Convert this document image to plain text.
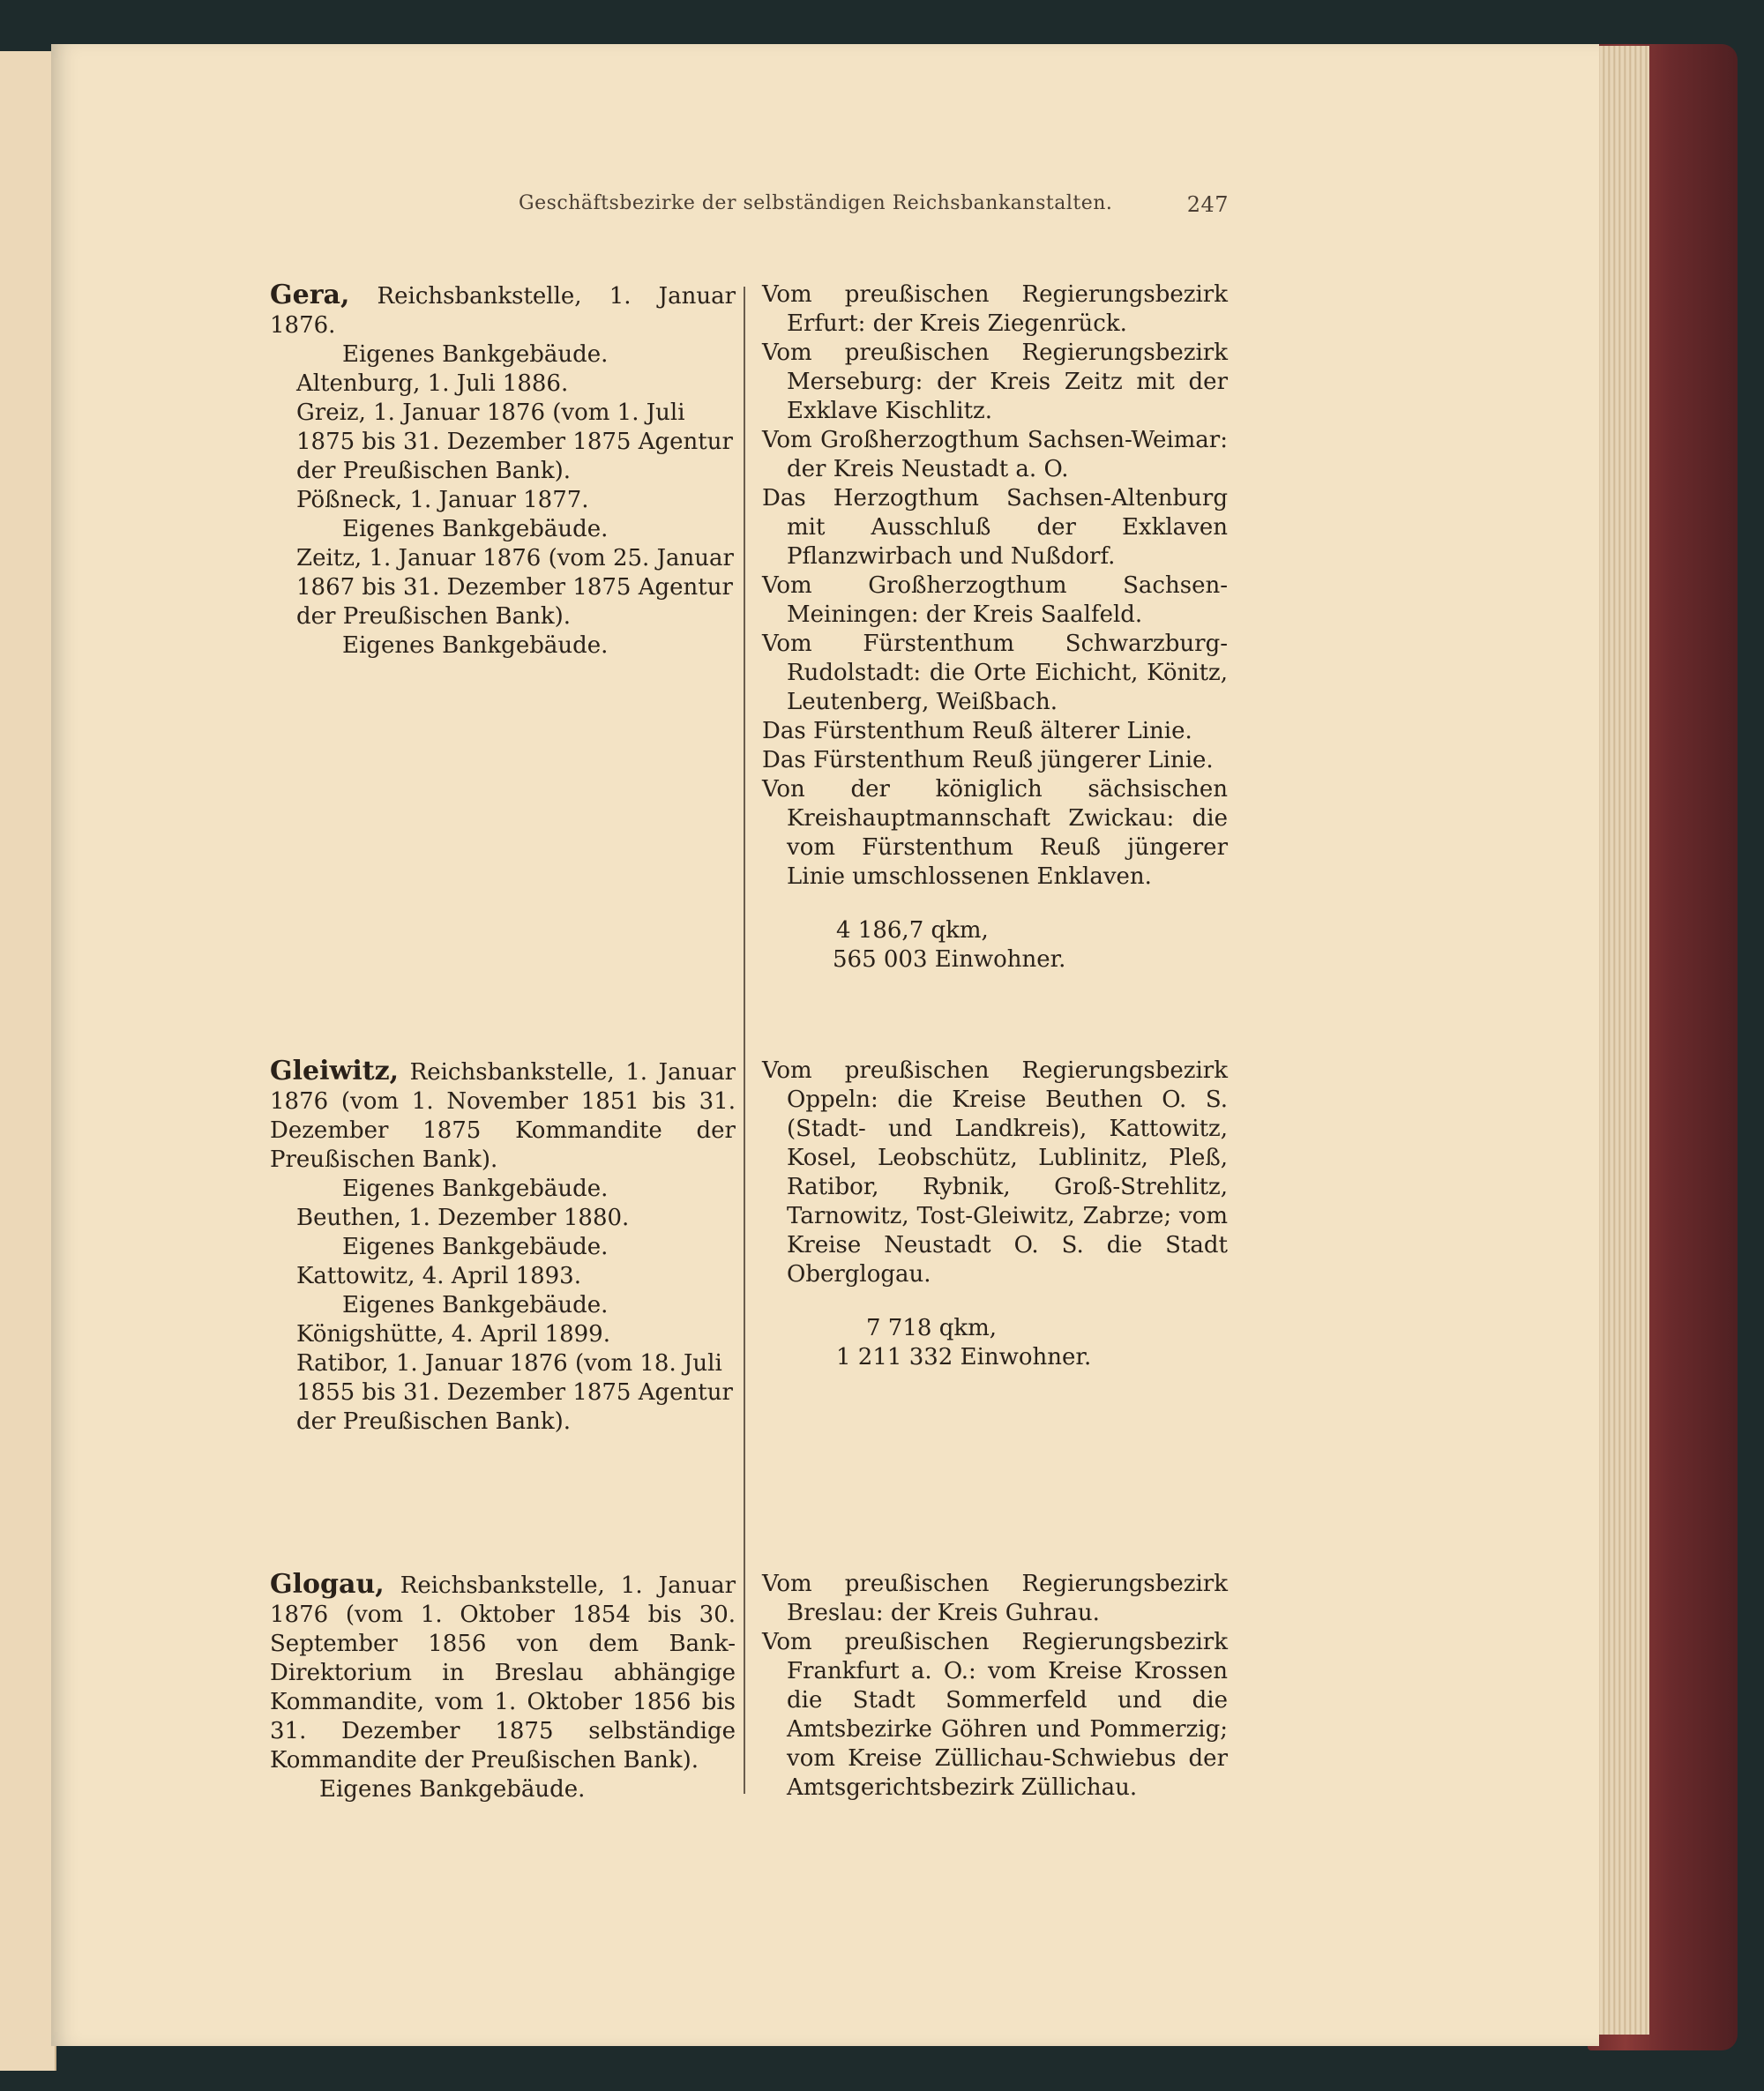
Geschäftsbezirke der selbständigen Reichsbankanstalten.	247

Gera, Reichsbankstelle, 1. Januar 1876.

Eigenes Bankgebäude.

Altenburg, 1. Juli 1886.

Greiz, 1. Januar 1876 (vom 1. Juli 1875 bis 31. Dezember 1875 Agentur der Preußischen Bank).

Pößneck, 1. Januar 1877.

Eigenes Bankgebäude.

Zeitz, 1. Januar 1876 (vom 25. Januar 1867 bis 31. Dezember 1875 Agentur der Preußischen Bank).

Eigenes Bankgebäude.

Vom preußischen Regierungsbezirk Erfurt: der Kreis Ziegenrück.

Vom preußischen Regierungsbezirk Merseburg: der Kreis Zeitz mit der Exklave Kischlitz.

Vom Großherzogthum Sachsen-Weimar: der Kreis Neustadt a. O.

Das Herzogthum Sachsen-Altenburg mit Ausschluß der Exklaven Pflanzwirbach und Nußdorf.

Vom Großherzogthum Sachsen-Meiningen: der Kreis Saalfeld.

Vom Fürstenthum Schwarzburg-Rudolstadt: die Orte Eichicht, Könitz, Leutenberg, Weißbach.

Das Fürstenthum Reuß älterer Linie.

Das Fürstenthum Reuß jüngerer Linie.

Von der königlich sächsischen Kreishauptmannschaft Zwickau: die vom Fürstenthum Reuß jüngerer Linie umschlossenen Enklaven.

4 186,7 qkm,

565 003 Einwohner.

Gleiwitz, Reichsbankstelle, 1. Januar 1876 (vom 1. November 1851 bis 31. Dezember 1875 Kommandite der Preußischen Bank).

Eigenes Bankgebäude.

Beuthen, 1. Dezember 1880.

Eigenes Bankgebäude.

Kattowitz, 4. April 1893.

Eigenes Bankgebäude.

Königshütte, 4. April 1899.

Ratibor, 1. Januar 1876 (vom 18. Juli 1855 bis 31. Dezember 1875 Agentur der Preußischen Bank).

Vom preußischen Regierungsbezirk Oppeln: die Kreise Beuthen O. S. (Stadt- und Landkreis), Kattowitz, Kosel, Leobschütz, Lublinitz, Pleß, Ratibor, Rybnik, Groß-Strehlitz, Tarnowitz, Tost-Gleiwitz, Zabrze; vom Kreise Neustadt O. S. die Stadt Oberglogau.

7 718 qkm,

1 211 332 Einwohner.

Glogau, Reichsbankstelle, 1. Januar 1876 (vom 1. Oktober 1854 bis 30. September 1856 von dem Bank-Direktorium in Breslau abhängige Kommandite, vom 1. Oktober 1856 bis 31. Dezember 1875 selbständige Kommandite der Preußischen Bank).

Eigenes Bankgebäude.

Vom preußischen Regierungsbezirk Breslau: der Kreis Guhrau.

Vom preußischen Regierungsbezirk Frankfurt a. O.: vom Kreise Krossen die Stadt Sommerfeld und die Amtsbezirke Göhren und Pommerzig; vom Kreise Züllichau-Schwiebus der Amtsgerichtsbezirk Züllichau.
